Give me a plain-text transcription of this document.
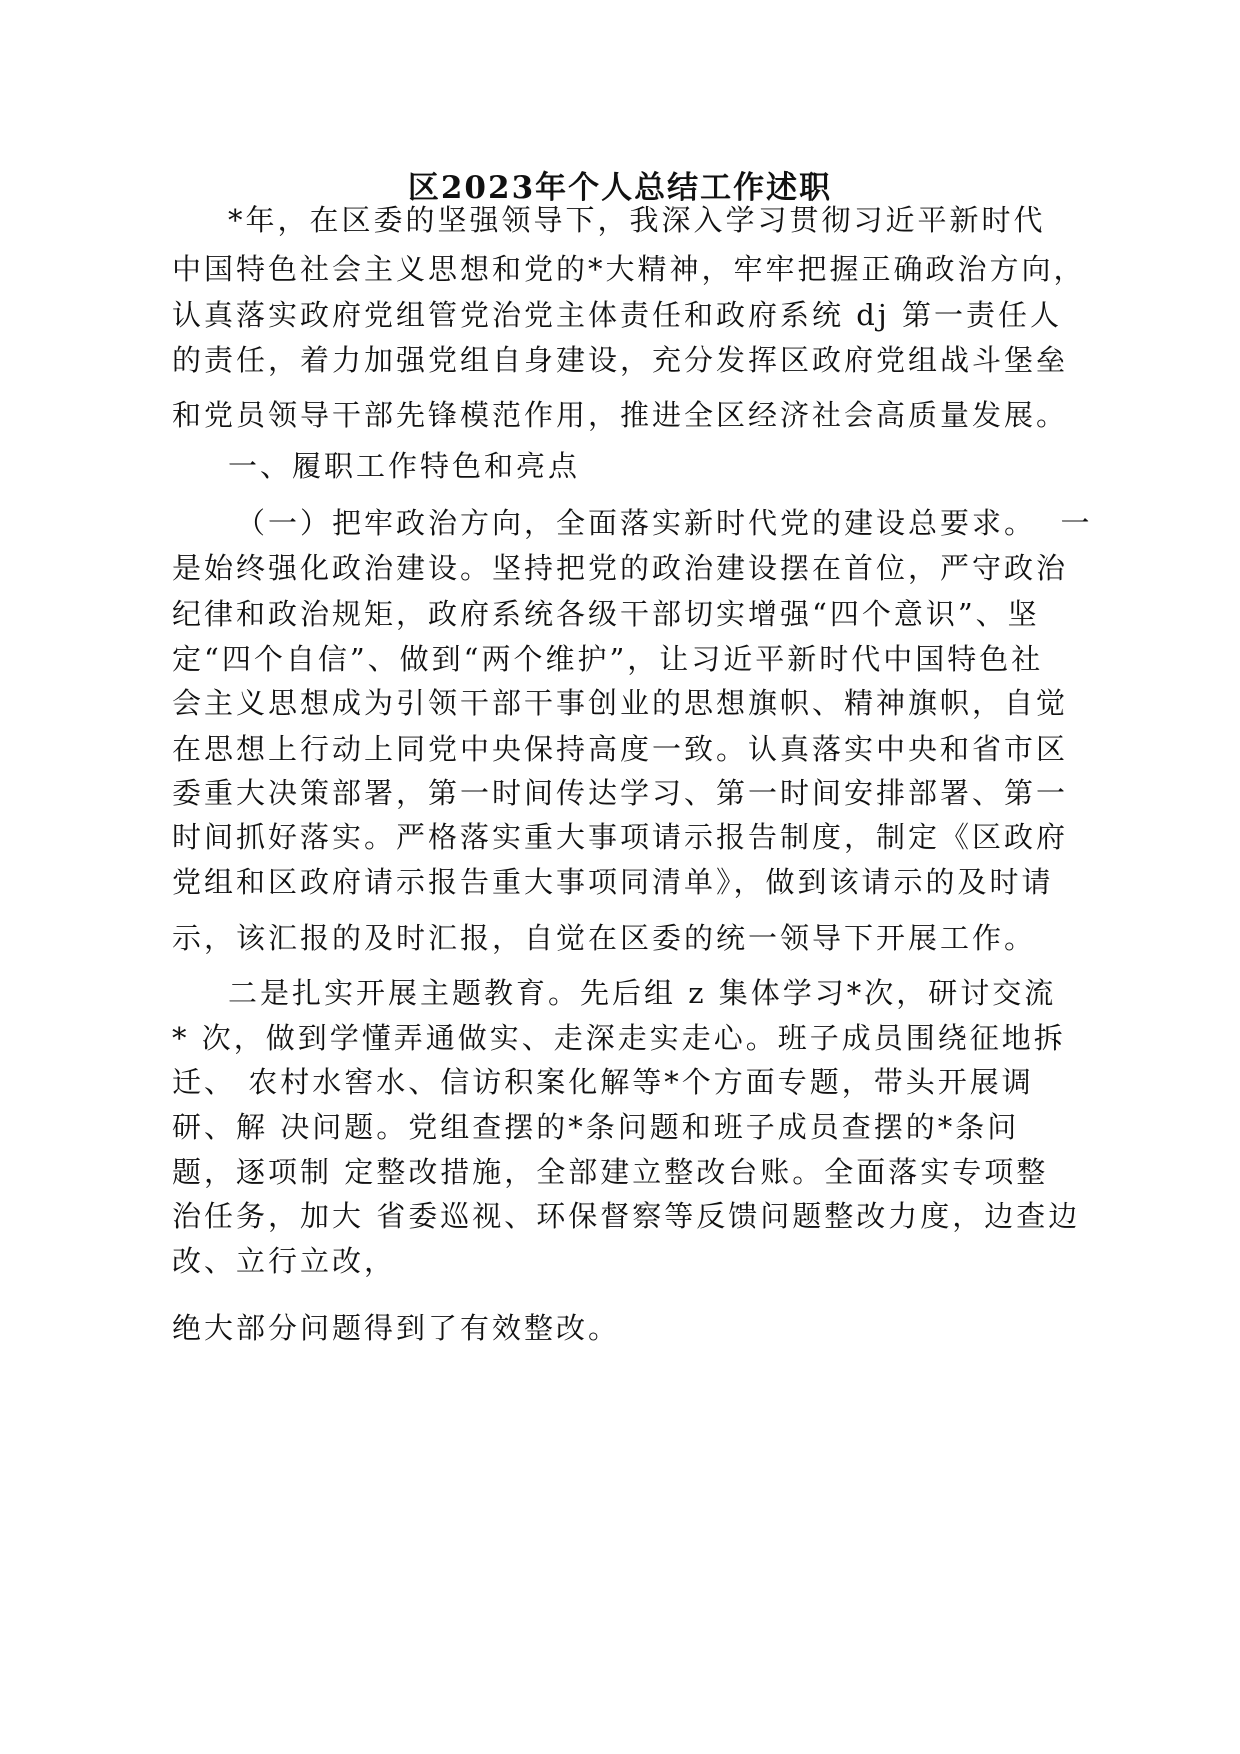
区2023年个人总结工作述职

*年，在区委的坚强领导下，我深入学习贯彻习近平新时代

中国特色社会主义思想和党的*大精神，牢牢把握正确政治方向，

认真落实政府党组管党治党主体责任和政府系统 dj 第一责任人

的责任，着力加强党组自身建设，充分发挥区政府党组战斗堡垒

和党员领导干部先锋模范作用，推进全区经济社会高质量发展。

一、履职工作特色和亮点

（一）把牢政治方向，全面落实新时代党的建设总要求。  一

是始终强化政治建设。坚持把党的政治建设摆在首位，严守政治

纪律和政治规矩，政府系统各级干部切实增强“四个意识”、坚

定“四个自信”、做到“两个维护”，让习近平新时代中国特色社

会主义思想成为引领干部干事创业的思想旗帜、精神旗帜，自觉

在思想上行动上同党中央保持高度一致。认真落实中央和省市区

委重大决策部署，第一时间传达学习、第一时间安排部署、第一

时间抓好落实。严格落实重大事项请示报告制度，制定《区政府

党组和区政府请示报告重大事项同清单》，做到该请示的及时请

示，该汇报的及时汇报，自觉在区委的统一领导下开展工作。

二是扎实开展主题教育。先后组 z 集体学习*次，研讨交流

* 次，做到学懂弄通做实、走深走实走心。班子成员围绕征地拆

迁、 农村水窖水、信访积案化解等*个方面专题，带头开展调

研、解 决问题。党组查摆的*条问题和班子成员查摆的*条问

题，逐项制 定整改措施，全部建立整改台账。全面落实专项整

治任务，加大 省委巡视、环保督察等反馈问题整改力度，边查边

改、立行立改，

绝大部分问题得到了有效整改。
